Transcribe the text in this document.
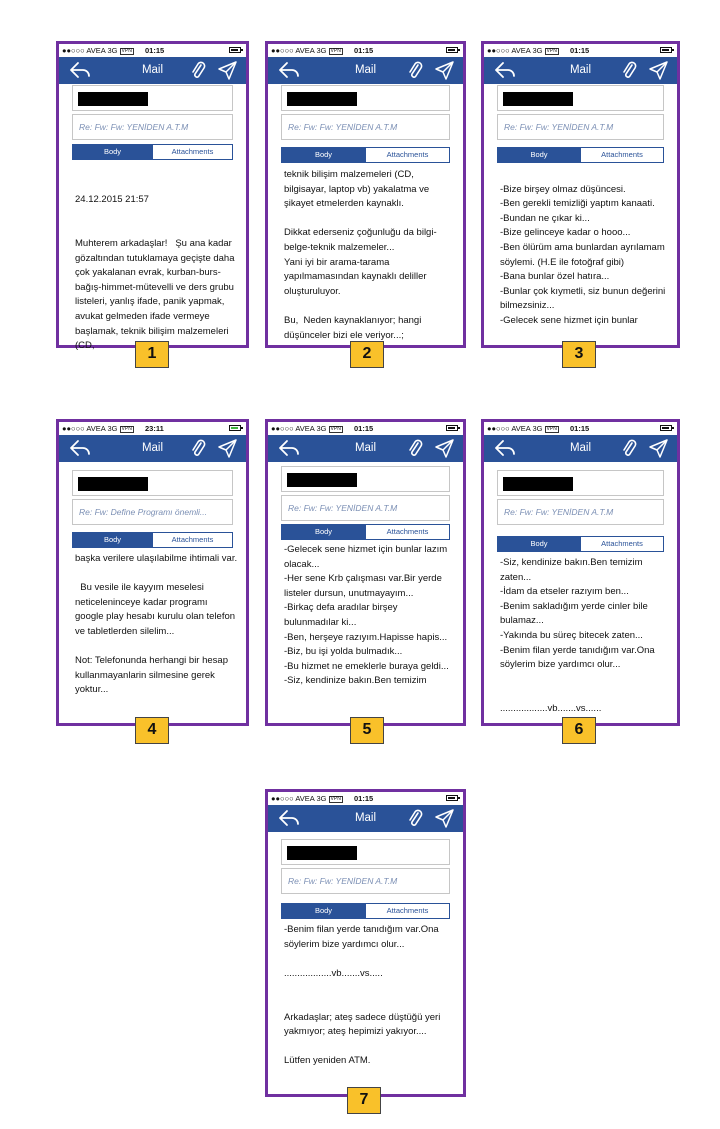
●●○○○ AVEA 3G VPN 01:15
Mail
Re: Fw: Fw: YENİDEN A.T.M
Body	Attachments

24.12.2015 21:57

Muhterem arkadaşlar!   Şu ana kadar gözaltından tutuklamaya geçişte daha çok yakalanan evrak, kurban-burs-bağış-himmet-mütevelli ve ders grubu listeleri, yanlış ifade, panik yapmak, avukat gelmeden ifade vermeye başlamak, teknik bilişim malzemeleri (CD,	1
●●○○○ AVEA 3G VPN 01:15
Mail
Re: Fw: Fw: YENİDEN A.T.M
Body	Attachments

teknik bilişim malzemeleri (CD, bilgisayar, laptop vb) yakalatma ve şikayet etmelerden kaynaklı.

Dikkat ederseniz çoğunluğu da bilgi-belge-teknik malzemeler...
Yani iyi bir arama-tarama yapılmamasından kaynaklı deliller oluşturuluyor.

Bu,  Neden kaynaklanıyor; hangi düşünceler bizi ele veriyor...;

2
●●○○○ AVEA 3G VPN 01:15
Mail
Re: Fw: Fw: YENİDEN A.T.M
Body	Attachments

-Bize birşey olmaz düşüncesi.
-Ben gerekli temizliği yaptım kanaati.
-Bundan ne çıkar ki...
-Bize gelinceye kadar o hooo...
-Ben ölürüm ama bunlardan ayrılamam söylemi. (H.E ile fotoğraf gibi)
-Bana bunlar özel hatıra...
-Bunlar çok kıymetli, siz bunun değerini bilmezsiniz...
-Gelecek sene hizmet için bunlar

3
●●○○○ AVEA 3G VPN 23:11
Mail
Re: Fw: Define Programı önemli...
Body	Attachments

başka verilere ulaşılabilme ihtimali var.

Bu vesile ile kayyım meselesi neticeleninceye kadar programı google play hesabı kurulu olan telefon ve tabletlerden silelim...

Not: Telefonunda herhangi bir hesap kullanmayanlarin silmesine gerek yoktur...

4
●●○○○ AVEA 3G VPN 01:15
Mail
Re: Fw: Fw: YENİDEN A.T.M
Body	Attachments

-Gelecek sene hizmet için bunlar lazım olacak...
-Her sene Krb çalışması var.Bir yerde listeler dursun, unutmayayım...
-Birkaç defa aradılar birşey bulunmadılar ki...
-Ben, herşeye razıyım.Hapisse hapis...
-Biz, bu işi yolda bulmadık...
-Bu hizmet ne emeklerle buraya geldi...
-Siz, kendinize bakın.Ben temizim

5
●●○○○ AVEA 3G VPN 01:15
Mail
Re: Fw: Fw: YENİDEN A.T.M
Body	Attachments

-Siz, kendinize bakın.Ben temizim zaten...
-İdam da etseler razıyım ben...
-Benim sakladığım yerde cinler bile bulamaz...
-Yakında bu süreç bitecek zaten...
-Benim filan yerde tanıdığım var.Ona söylerim bize yardımcı olur...

..................vb.......vs......

6
●●○○○ AVEA 3G VPN 01:15
Mail
Re: Fw: Fw: YENİDEN A.T.M
Body	Attachments

-Benim filan yerde tanıdığım var.Ona söylerim bize yardımcı olur...

..................vb.......vs.....

Arkadaşlar; ateş sadece düştüğü yeri yakmıyor; ateş hepimizi yakıyor....

Lütfen yeniden ATM.

7
